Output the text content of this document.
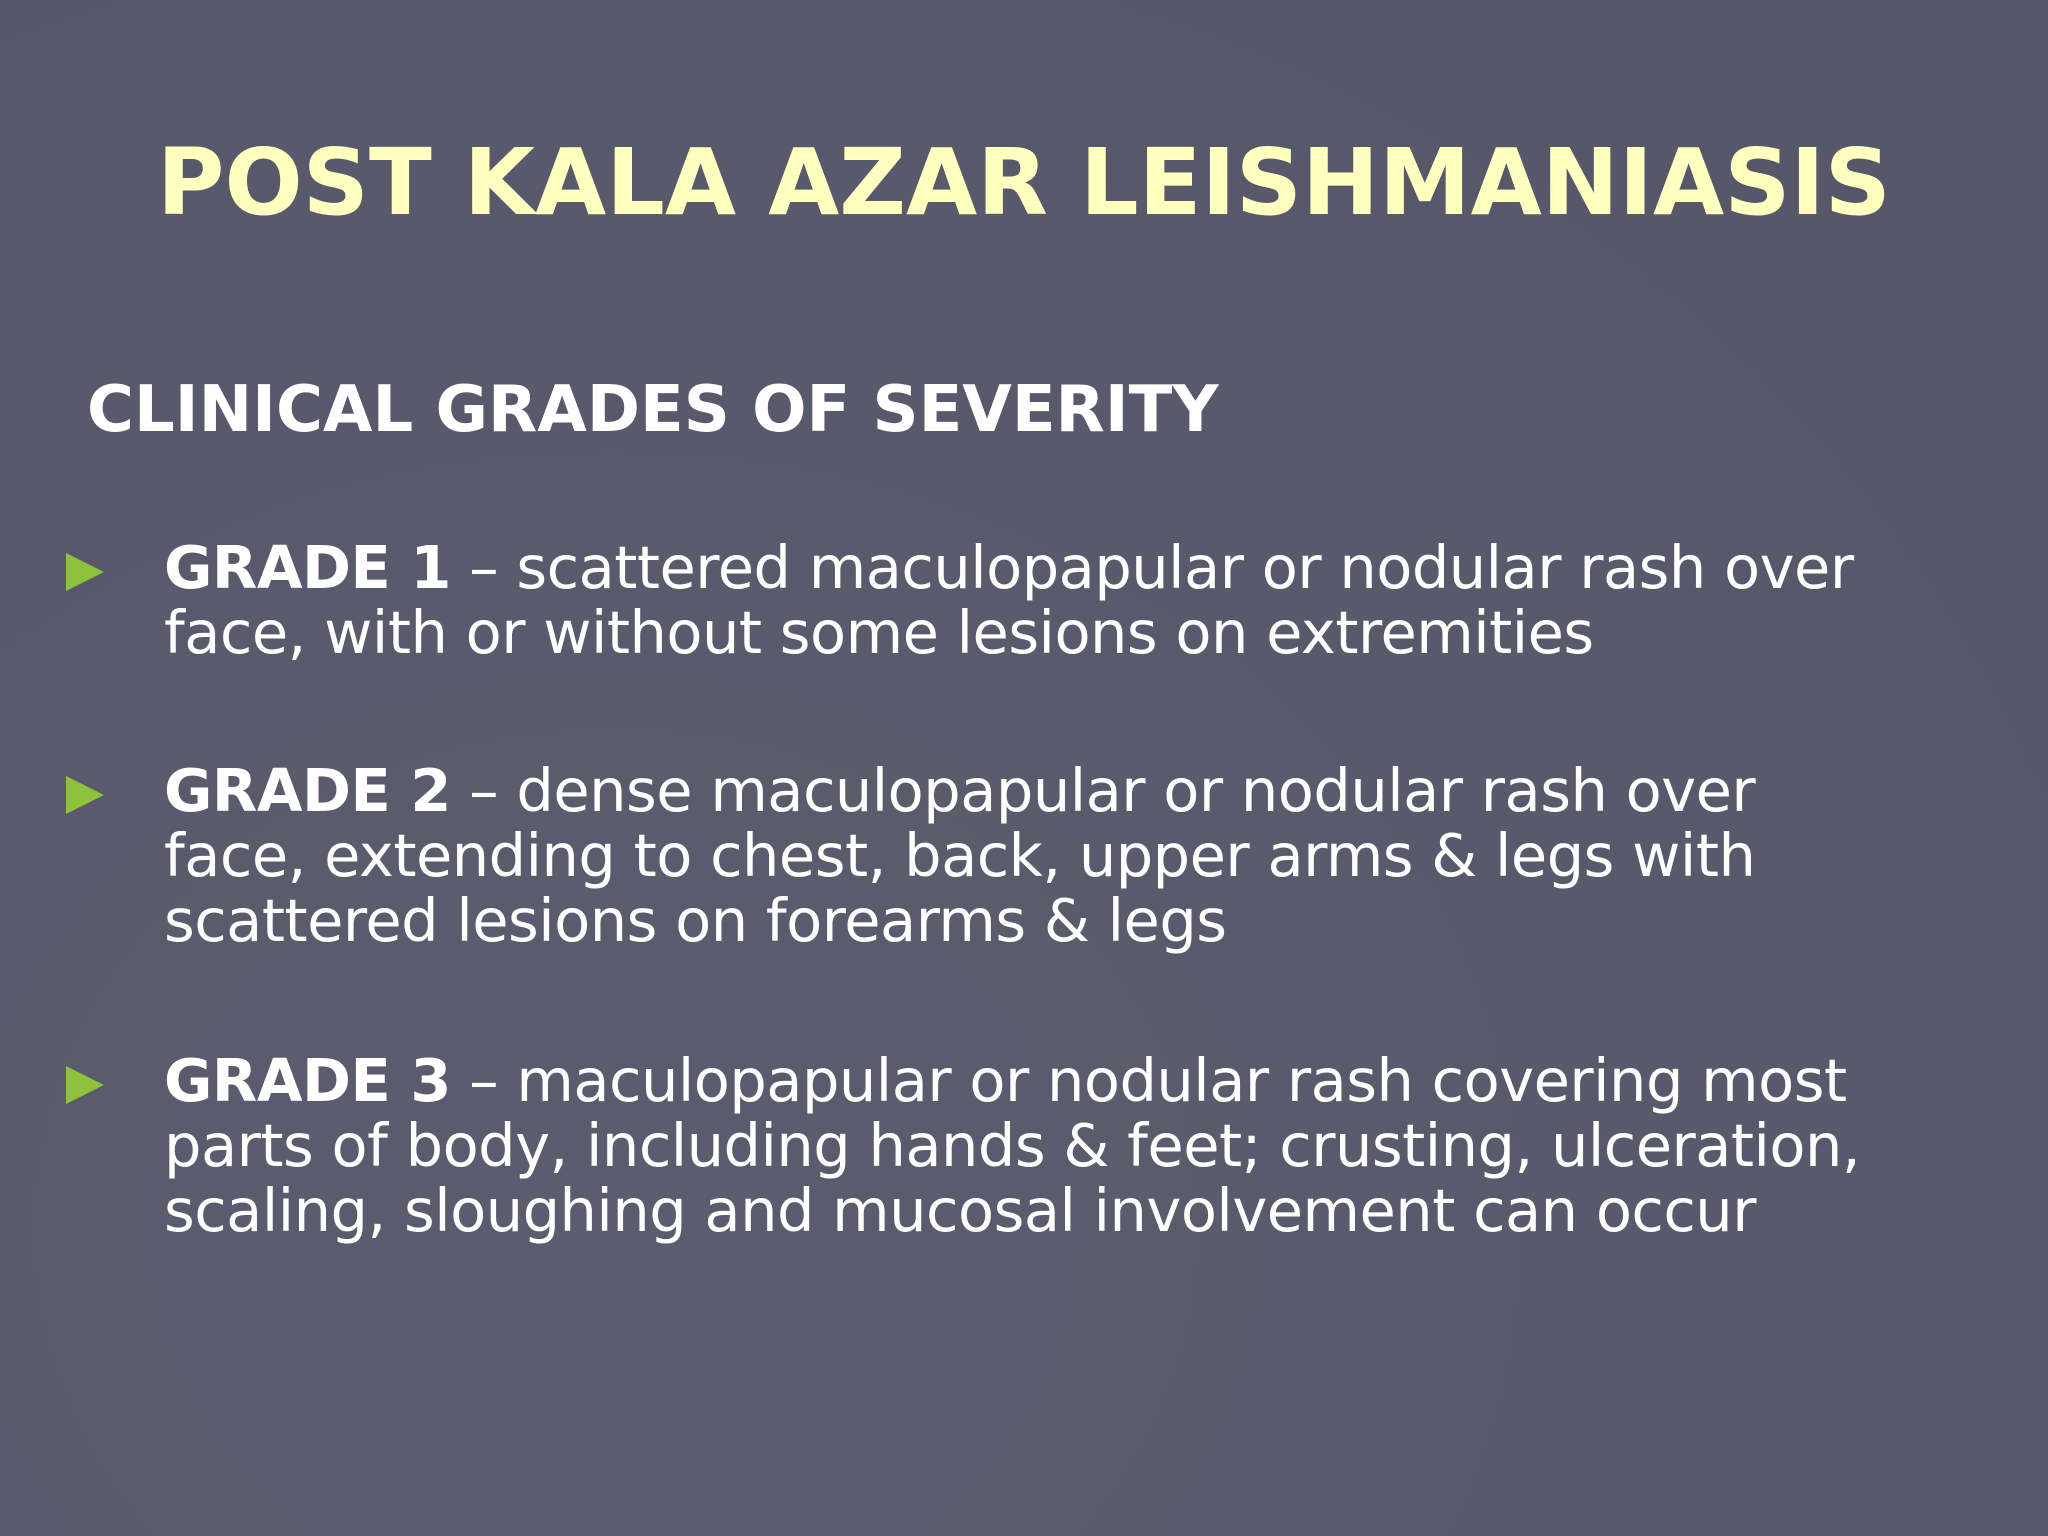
POST KALA AZAR LEISHMANIASIS
CLINICAL GRADES OF SEVERITY
GRADE 1 – scattered maculopapular or nodular rash over
face, with or without some lesions on extremities
GRADE 2 – dense maculopapular or nodular rash over
face, extending to chest, back, upper arms & legs with
scattered lesions on forearms & legs
GRADE 3 – maculopapular or nodular rash covering most
parts of body, including hands & feet; crusting, ulceration,
scaling, sloughing and mucosal involvement can occur
